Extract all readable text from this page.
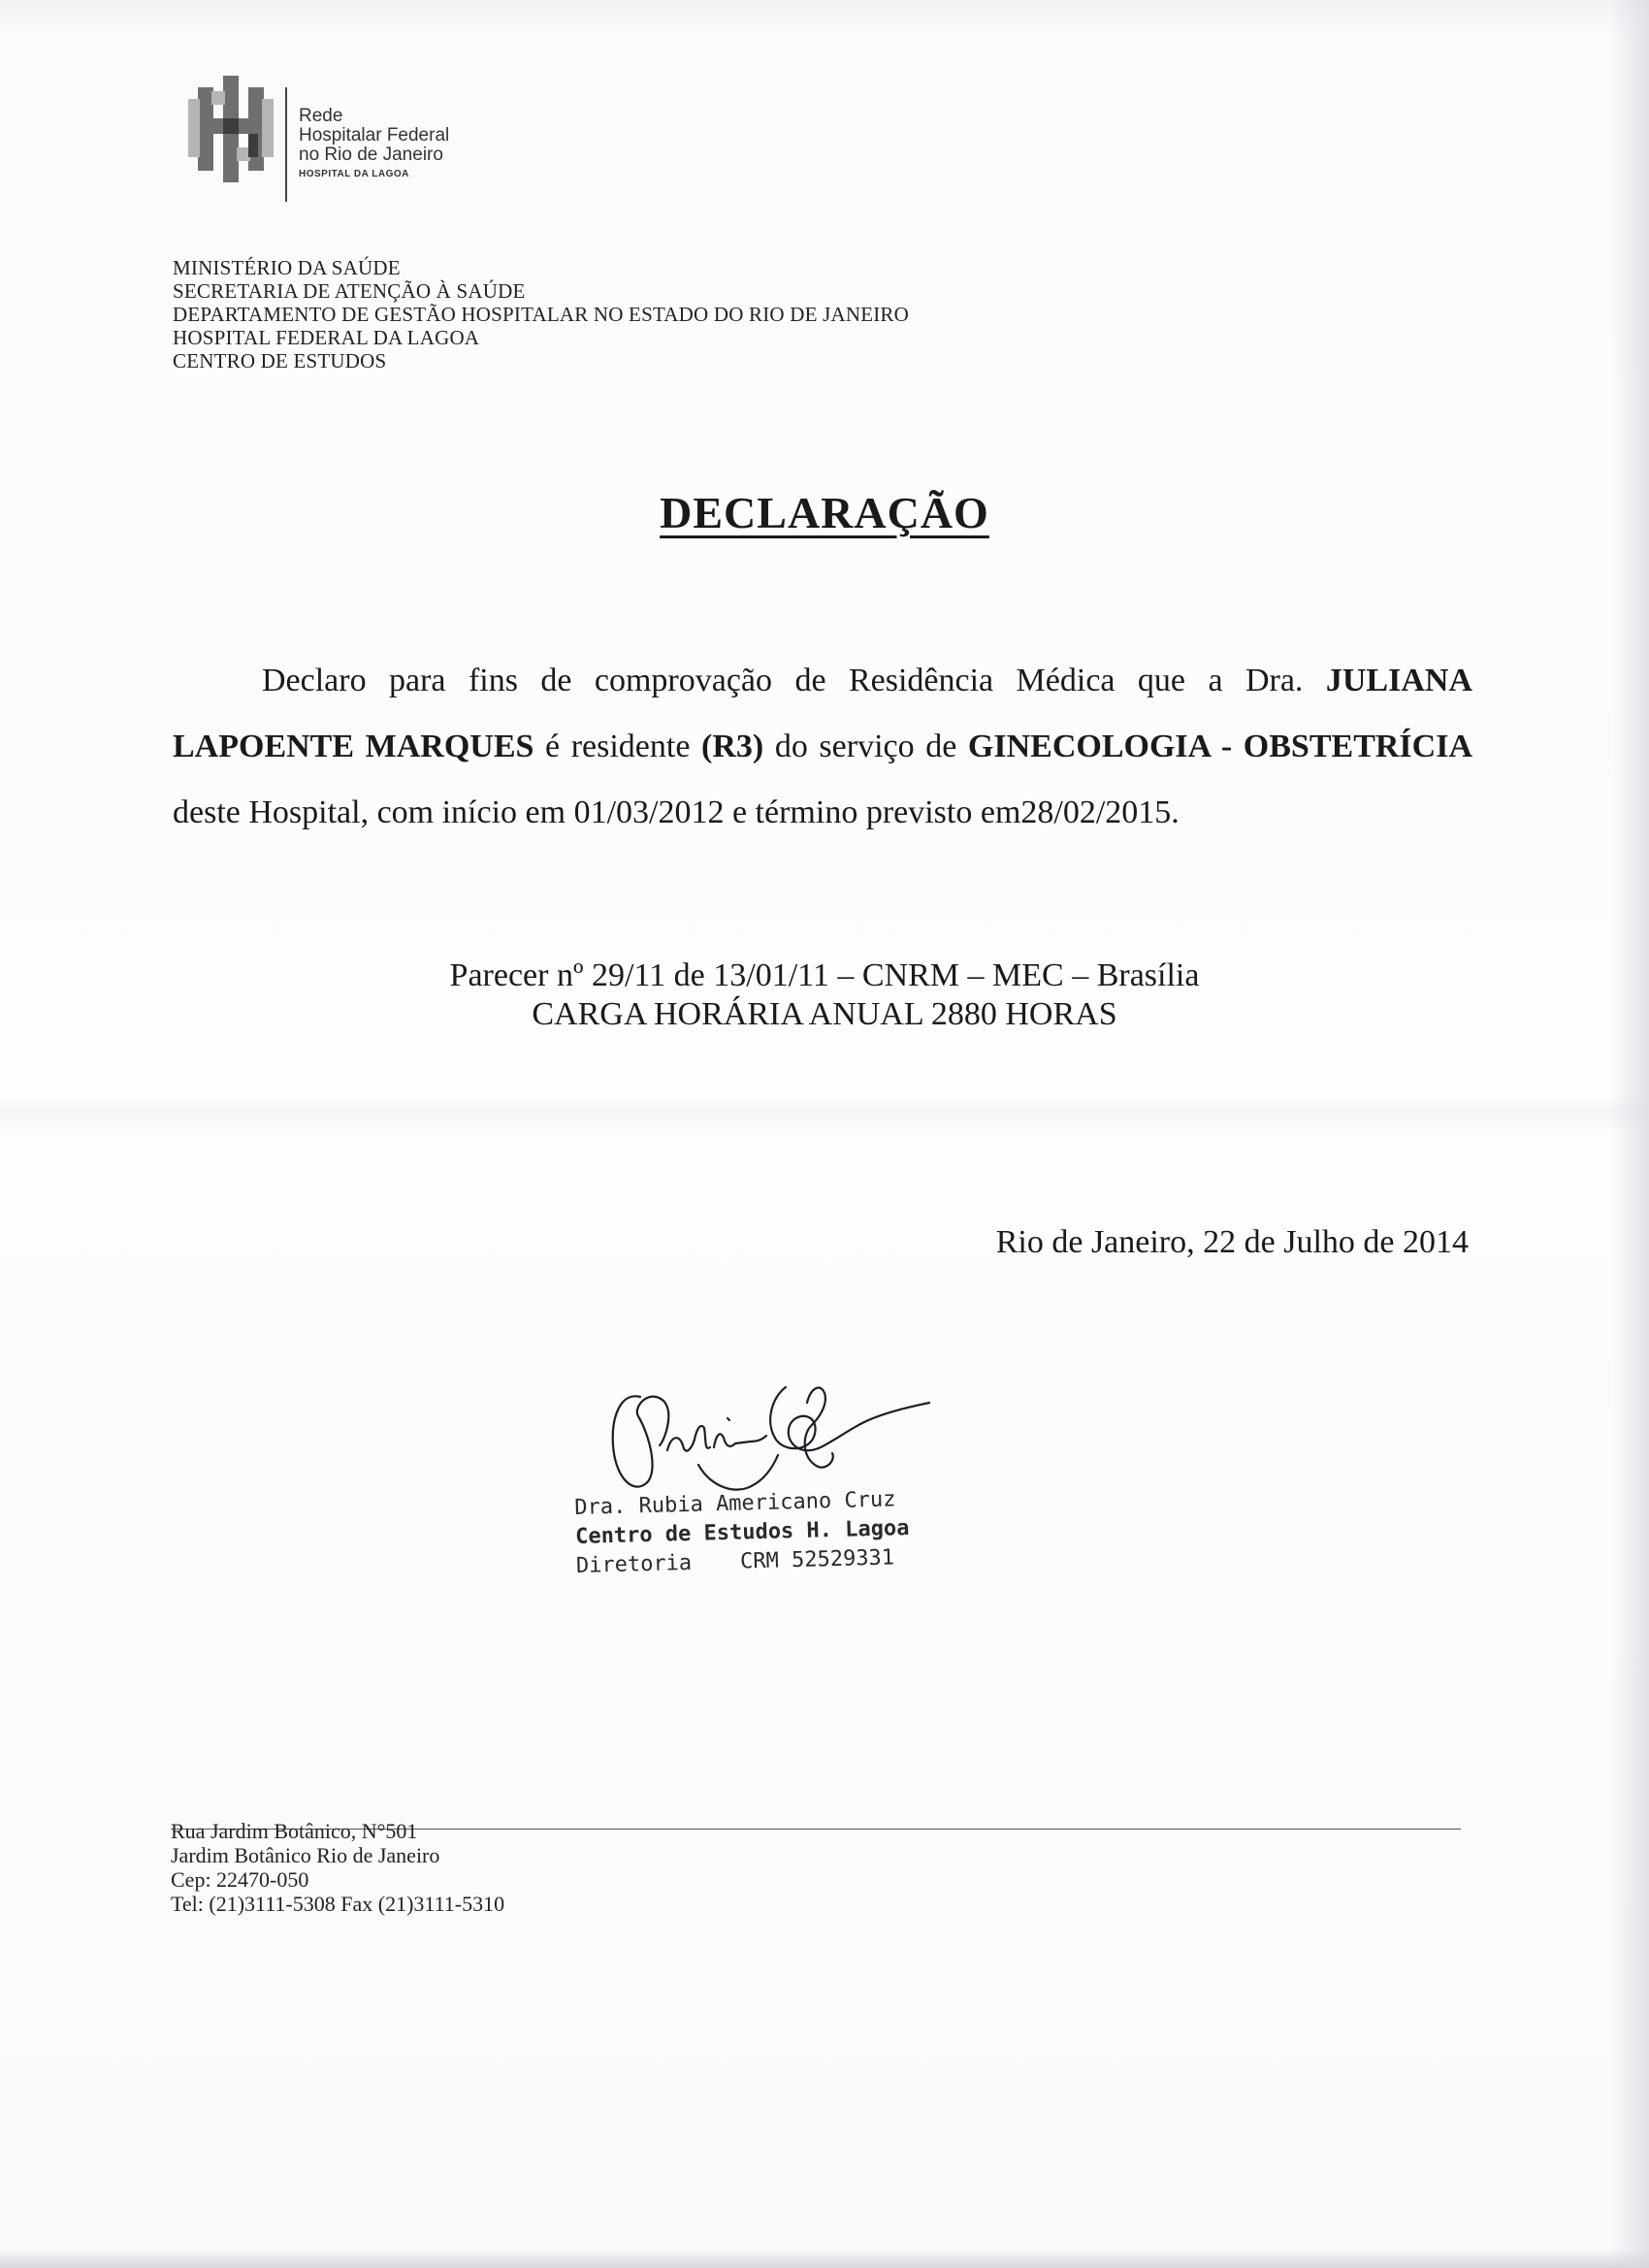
Rede
Hospitalar Federal
no Rio de Janeiro
HOSPITAL DA LAGOA
MINISTÉRIO DA SAÚDE
SECRETARIA DE ATENÇÃO À SAÚDE
DEPARTAMENTO DE GESTÃO HOSPITALAR NO ESTADO DO RIO DE JANEIRO
HOSPITAL FEDERAL DA LAGOA
CENTRO DE ESTUDOS
DECLARAÇÃO
Declaro para fins de comprovação de Residência Médica que a Dra. JULIANA LAPOENTE MARQUES é residente (R3) do serviço de GINECOLOGIA - OBSTETRÍCIA deste Hospital, com início em 01/03/2012 e término previsto em28/02/2015.
Parecer nº 29/11 de 13/01/11 – CNRM – MEC – Brasília
CARGA HORÁRIA ANUAL 2880 HORAS
Rio de Janeiro, 22 de Julho de 2014
Dra. Rubia Americano Cruz
Centro de Estudos H. Lagoa
Diretoria CRM 52529331
Rua Jardim Botânico, N°501
Jardim Botânico Rio de Janeiro
Cep: 22470-050
Tel: (21)3111-5308 Fax (21)3111-5310
